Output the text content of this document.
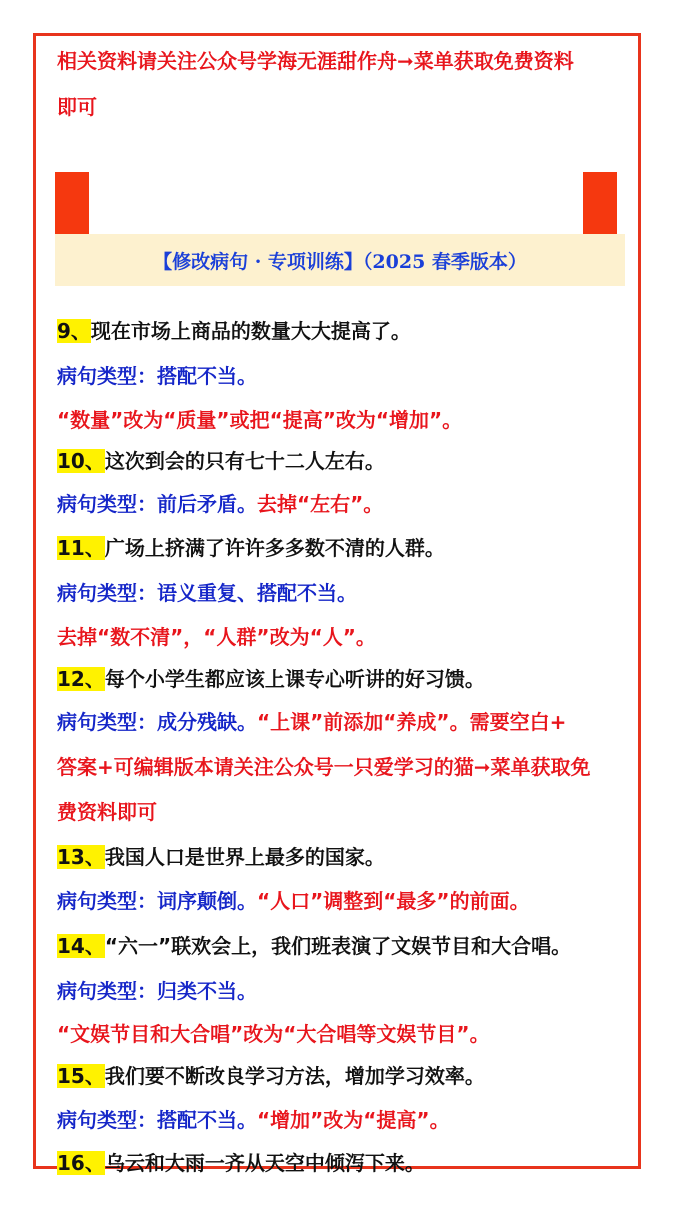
相关资料请关注公众号学海无涯甜作舟➞菜单获取免费资料
即可
【修改病句 · 专项训练】（2025 春季版本）
9、现在市场上商品的数量大大提高了。
病句类型：搭配不当。
“数量”改为“质量”或把“提高”改为“增加”。
10、这次到会的只有七十二人左右。
病句类型：前后矛盾。去掉“左右”。
11、广场上挤满了许许多多数不清的人群。
病句类型：语义重复、搭配不当。
去掉“数不清”，“人群”改为“人”。
12、每个小学生都应该上课专心听讲的好习馈。
病句类型：成分残缺。“上课”前添加“养成”。需要空白+
答案+可编辑版本请关注公众号一只爱学习的猫➞菜单获取免
费资料即可
13、我国人口是世界上最多的国家。
病句类型：词序颠倒。“人口”调整到“最多”的前面。
14、“六一”联欢会上，我们班表演了文娱节目和大合唱。
病句类型：归类不当。
“文娱节目和大合唱”改为“大合唱等文娱节目”。
15、我们要不断改良学习方法，增加学习效率。
病句类型：搭配不当。“增加”改为“提高”。
16、乌云和大雨一齐从天空中倾泻下来。
